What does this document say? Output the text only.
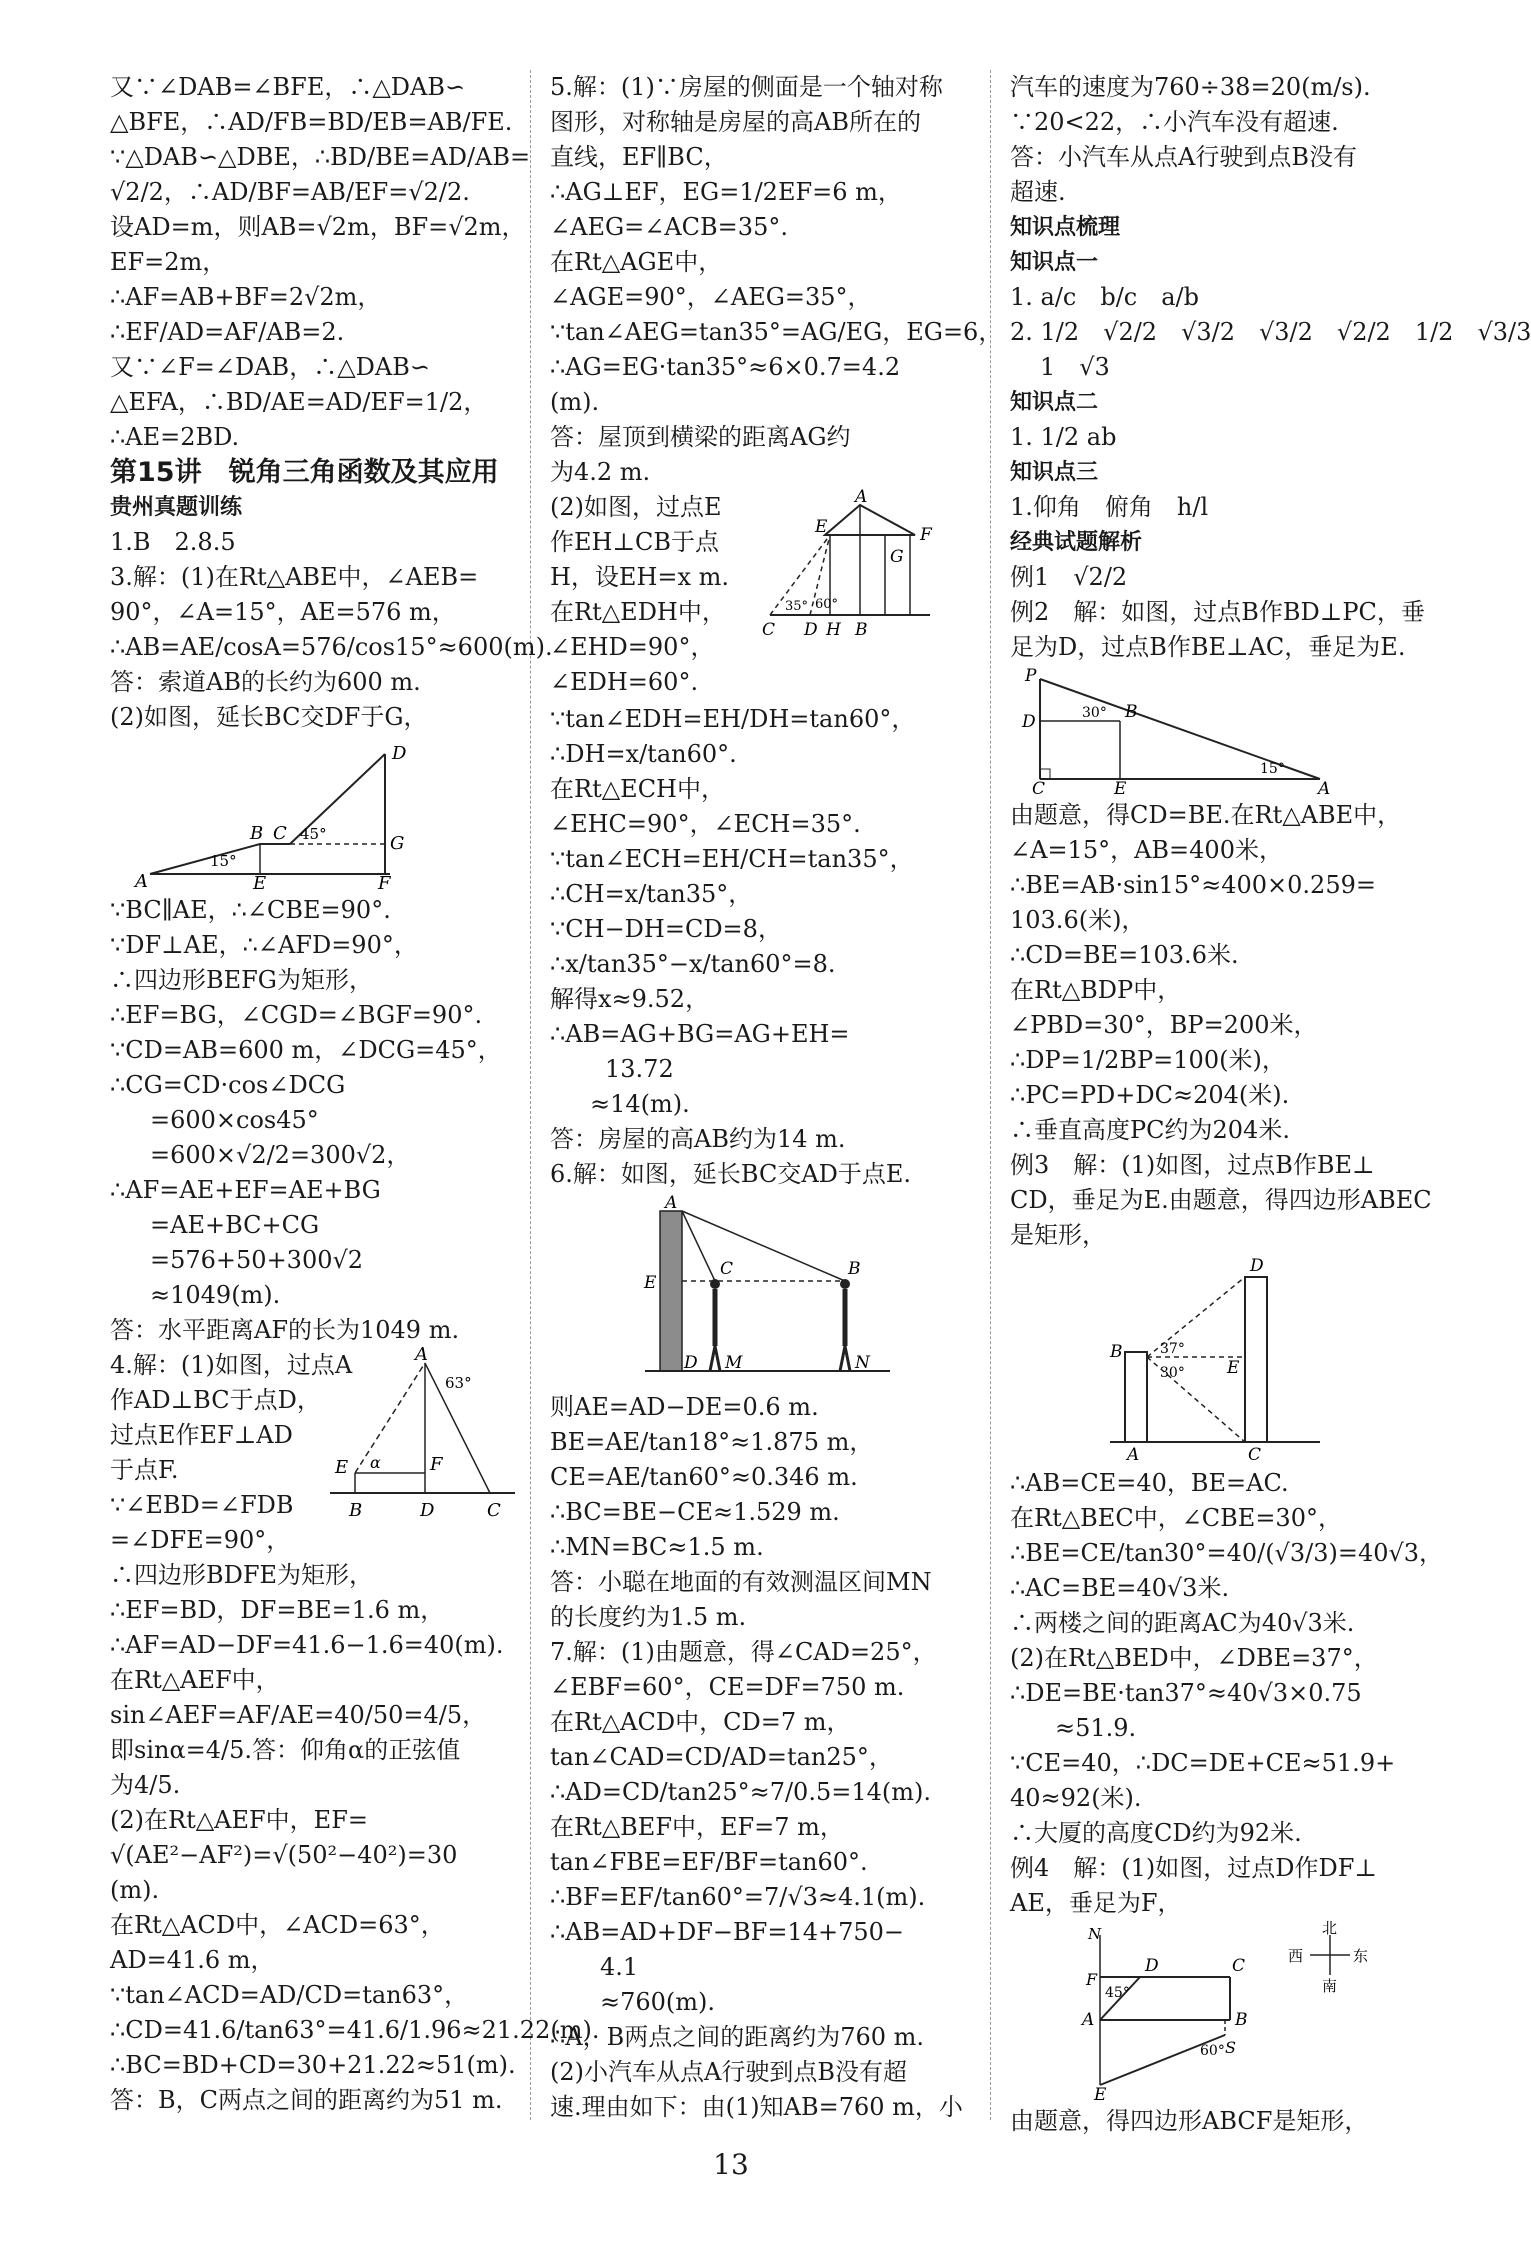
又∵∠DAB=∠BFE，∴△DAB∽

△BFE，∴AD/FB=BD/EB=AB/FE.

∵△DAB∽△DBE，∴BD/BE=AD/AB=

√2/2，∴AD/BF=AB/EF=√2/2.

设AD=m，则AB=√2m，BF=√2m，

EF=2m，

∴AF=AB+BF=2√2m，

∴EF/AD=AF/AB=2.

又∵∠F=∠DAB，∴△DAB∽

△EFA，∴BD/AE=AD/EF=1/2，

∴AE=2BD.

第15讲　锐角三角函数及其应用

贵州真题训练

1.B　2.8.5

3.解：(1)在Rt△ABE中，∠AEB=

90°，∠A=15°，AE=576 m，

∴AB=AE/cosA=576/cos15°≈600(m).

答：索道AB的长约为600 m.

(2)如图，延长BC交DF于G，

D
B C 45°	G
15°
A	E	F

∵BC∥AE，∴∠CBE=90°.

∵DF⊥AE，∴∠AFD=90°，

∴四边形BEFG为矩形，

∴EF=BG，∠CGD=∠BGF=90°.

∵CD=AB=600 m，∠DCG=45°，

∴CG=CD·cos∠DCG

=600×cos45°

=600×√2/2=300√2，

∴AF=AE+EF=AE+BG

=AE+BC+CG

=576+50+300√2

≈1049(m).

答：水平距离AF的长为1049 m.

4.解：(1)如图，过点A

作AD⊥BC于点D，

过点E作EF⊥AD

于点F.

∵∠EBD=∠FDB

=∠DFE=90°，

∴四边形BDFE为矩形，

A
63°
E α	F
B	D	C

∴EF=BD，DF=BE=1.6 m，

∴AF=AD−DF=41.6−1.6=40(m).

在Rt△AEF中，

sin∠AEF=AF/AE=40/50=4/5，

即sinα=4/5.答：仰角α的正弦值

为4/5.

(2)在Rt△AEF中，EF=

√(AE²−AF²)=√(50²−40²)=30

(m).

在Rt△ACD中，∠ACD=63°，

AD=41.6 m，

∵tan∠ACD=AD/CD=tan63°，

∴CD=41.6/tan63°=41.6/1.96≈21.22(m).

∴BC=BD+CD=30+21.22≈51(m).

答：B，C两点之间的距离约为51 m.

5.解：(1)∵房屋的侧面是一个轴对称

图形，对称轴是房屋的高AB所在的

直线，EF∥BC，

∴AG⊥EF，EG=1/2EF=6 m，

∠AEG=∠ACB=35°.

在Rt△AGE中，

∠AGE=90°，∠AEG=35°，

∵tan∠AEG=tan35°=AG/EG，EG=6，

∴AG=EG·tan35°≈6×0.7=4.2

(m).

答：屋顶到横梁的距离AG约

为4.2 m.

(2)如图，过点E

作EH⊥CB于点

H，设EH=x m.

在Rt△EDH中，

∠EHD=90°，

∠EDH=60°.

A
E	F
G
35° 60°
C D H B

∵tan∠EDH=EH/DH=tan60°，

∴DH=x/tan60°.

在Rt△ECH中，

∠EHC=90°，∠ECH=35°.

∵tan∠ECH=EH/CH=tan35°，

∴CH=x/tan35°，

∵CH−DH=CD=8，

∴x/tan35°−x/tan60°=8.

解得x≈9.52，

∴AB=AG+BG=AG+EH=

13.72

≈14(m).

答：房屋的高AB约为14 m.

6.解：如图，延长BC交AD于点E.

A
C	B
E
D M	N

则AE=AD−DE=0.6 m.

BE=AE/tan18°≈1.875 m，

CE=AE/tan60°≈0.346 m.

∴BC=BE−CE≈1.529 m.

∴MN=BC≈1.5 m.

答：小聪在地面的有效测温区间MN

的长度约为1.5 m.

7.解：(1)由题意，得∠CAD=25°，

∠EBF=60°，CE=DF=750 m.

在Rt△ACD中，CD=7 m，

tan∠CAD=CD/AD=tan25°，

∴AD=CD/tan25°≈7/0.5=14(m).

在Rt△BEF中，EF=7 m，

tan∠FBE=EF/BF=tan60°.

∴BF=EF/tan60°=7/√3≈4.1(m).

∴AB=AD+DF−BF=14+750−

4.1

≈760(m).

∴A，B两点之间的距离约为760 m.

(2)小汽车从点A行驶到点B没有超

速.理由如下：由(1)知AB=760 m，小

汽车的速度为760÷38=20(m/s).

∵20<22，∴小汽车没有超速.

答：小汽车从点A行驶到点B没有

超速.

知识点梳理

知识点一

1. a/c　b/c　a/b

2. 1/2　√2/2　√3/2　√3/2　√2/2　1/2　√3/3

1　√3

知识点二

1. 1/2 ab

知识点三

1.仰角　俯角　h/l

经典试题解析

例1　√2/2

例2　解：如图，过点B作BD⊥PC，垂

足为D，过点B作BE⊥AC，垂足为E.

P
D	30° B
15°
C	E	A

由题意，得CD=BE.在Rt△ABE中，

∠A=15°，AB=400米，

∴BE=AB·sin15°≈400×0.259=

103.6(米)，

∴CD=BE=103.6米.

在Rt△BDP中，

∠PBD=30°，BP=200米，

∴DP=1/2BP=100(米)，

∴PC=PD+DC≈204(米).

∴垂直高度PC约为204米.

例3　解：(1)如图，过点B作BE⊥

CD，垂足为E.由题意，得四边形ABEC

是矩形，

D
B	37°
30° E
A	C

∴AB=CE=40，BE=AC.

在Rt△BEC中，∠CBE=30°，

∴BE=CE/tan30°=40/(√3/3)=40√3，

∴AC=BE=40√3米.

∴两楼之间的距离AC为40√3米.

(2)在Rt△BED中，∠DBE=37°，

∴DE=BE·tan37°≈40√3×0.75

≈51.9.

∵CE=40，∴DC=DE+CE≈51.9+

40≈92(米).

∴大厦的高度CD约为92米.

例4　解：(1)如图，过点D作DF⊥

AE，垂足为F，

N
D	C
F
45°
A	B
60° S
E
北
西	东
南

由题意，得四边形ABCF是矩形，

13
